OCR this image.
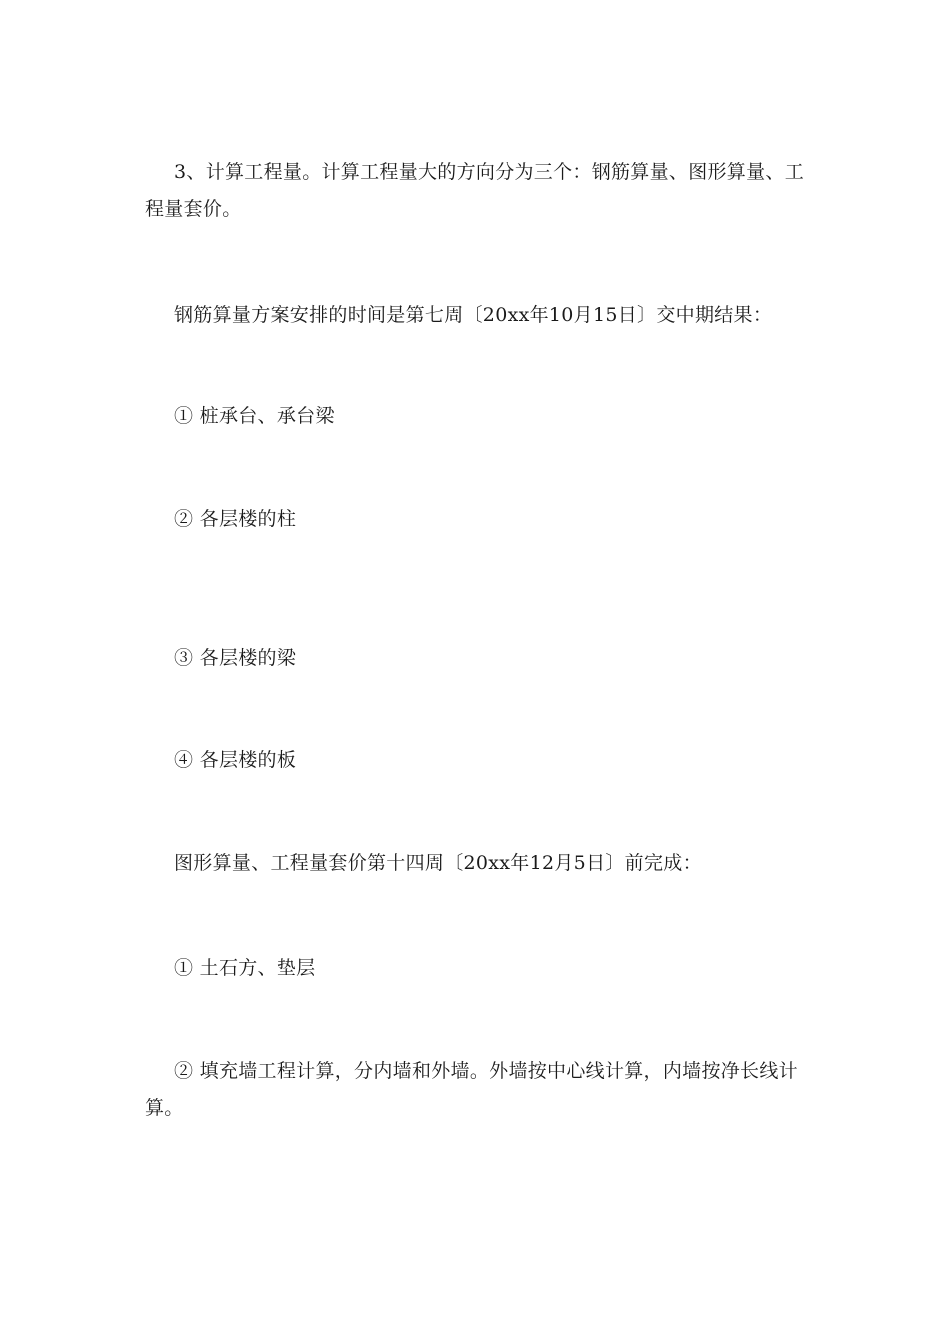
3、计算工程量。计算工程量大的方向分为三个：钢筋算量、图形算量、工程量套价。

钢筋算量方案安排的时间是第七周〔20xx年10月15日〕交中期结果：

① 桩承台、承台梁

② 各层楼的柱

③ 各层楼的梁

④ 各层楼的板

图形算量、工程量套价第十四周〔20xx年12月5日〕前完成：

① 土石方、垫层

② 填充墙工程计算，分内墙和外墙。外墙按中心线计算，内墙按净长线计算。
